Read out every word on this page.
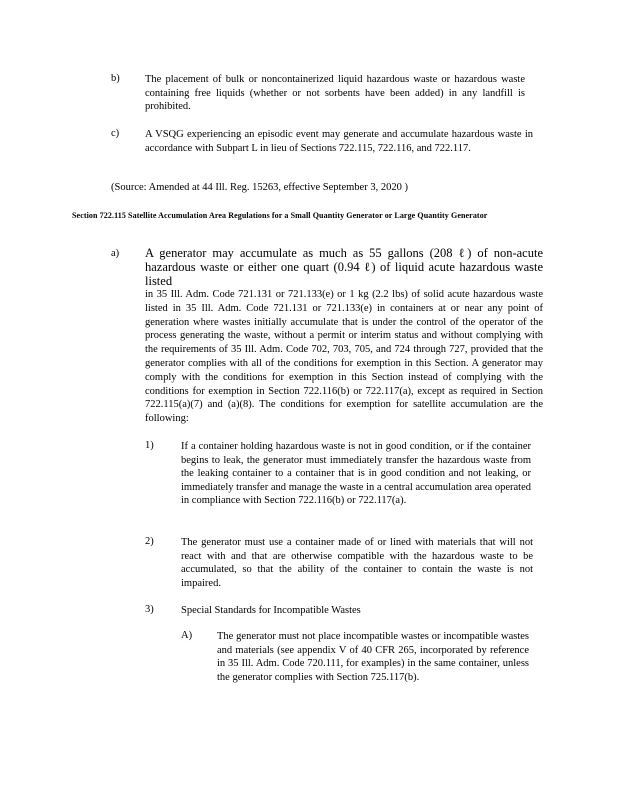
b) The placement of bulk or noncontainerized liquid hazardous waste or hazardous waste containing free liquids (whether or not sorbents have been added) in any landfill is prohibited.
c) A VSQG experiencing an episodic event may generate and accumulate hazardous waste in accordance with Subpart L in lieu of Sections 722.115, 722.116, and 722.117.
(Source: Amended at 44 Ill. Reg. 15263, effective September 3, 2020 )
Section 722.115 Satellite Accumulation Area Regulations for a Small Quantity Generator or Large Quantity Generator
a) A generator may accumulate as much as 55 gallons (208 ℓ) of non-acute hazardous waste or either one quart (0.94 ℓ) of liquid acute hazardous waste listed
in 35 Ill. Adm. Code 721.131 or 721.133(e) or 1 kg (2.2 lbs) of solid acute hazardous waste listed in 35 Ill. Adm. Code 721.131 or 721.133(e) in containers at or near any point of generation where wastes initially accumulate that is under the control of the operator of the process generating the waste, without a permit or interim status and without complying with the requirements of 35 Ill. Adm. Code 702, 703, 705, and 724 through 727, provided that the generator complies with all of the conditions for exemption in this Section. A generator may comply with the conditions for exemption in this Section instead of complying with the conditions for exemption in Section 722.116(b) or 722.117(a), except as required in Section 722.115(a)(7) and (a)(8). The conditions for exemption for satellite accumulation are the following:
1)	If a container holding hazardous waste is not in good condition, or if the container begins to leak, the generator must immediately transfer the hazardous waste from the leaking container to a container that is in good condition and not leaking, or immediately transfer and manage the waste in a central accumulation area operated in compliance with Section 722.116(b) or 722.117(a).
2)	The generator must use a container made of or lined with materials that will not react with and that are otherwise compatible with the hazardous waste to be accumulated, so that the ability of the container to contain the waste is not impaired.
3)	Special Standards for Incompatible Wastes
A) The generator must not place incompatible wastes or incompatible wastes and materials (see appendix V of 40 CFR 265, incorporated by reference in 35 Ill. Adm. Code 720.111, for examples) in the same container, unless the generator complies with Section 725.117(b).
